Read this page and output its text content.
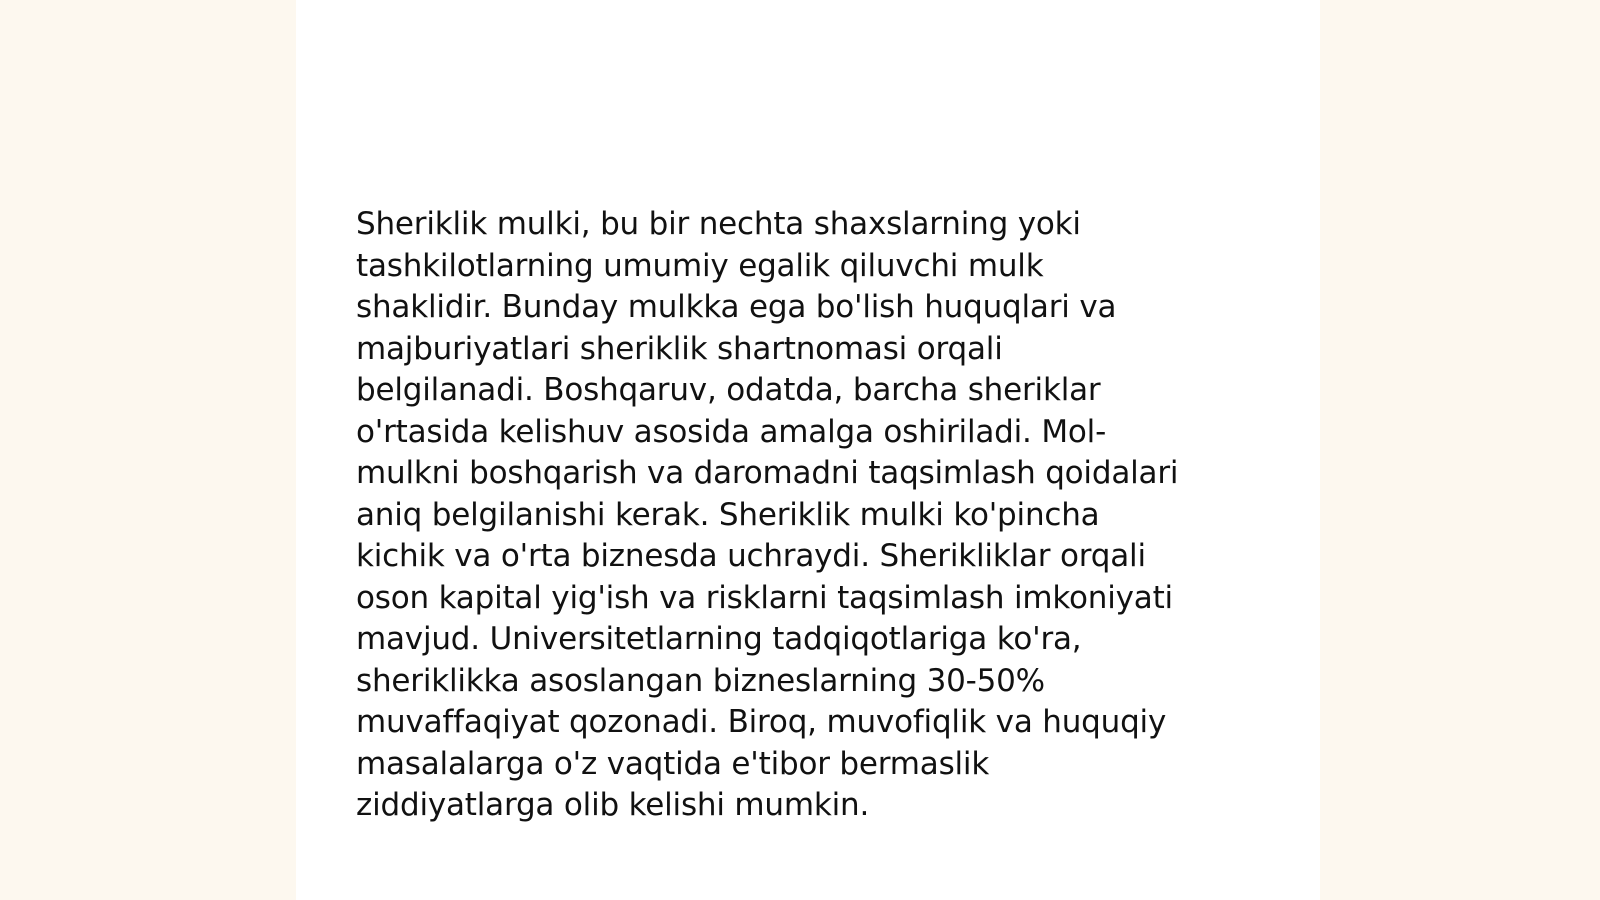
Sheriklik mulki, bu bir nechta shaxslarning yoki
tashkilotlarning umumiy egalik qiluvchi mulk
shaklidir. Bunday mulkka ega bo'lish huquqlari va
majburiyatlari sheriklik shartnomasi orqali
belgilanadi. Boshqaruv, odatda, barcha sheriklar
o'rtasida kelishuv asosida amalga oshiriladi. Mol-
mulkni boshqarish va daromadni taqsimlash qoidalari
aniq belgilanishi kerak. Sheriklik mulki ko'pincha
kichik va o'rta biznesda uchraydi. Sherikliklar orqali
oson kapital yig'ish va risklarni taqsimlash imkoniyati
mavjud. Universitetlarning tadqiqotlariga ko'ra,
sheriklikka asoslangan bizneslarning 30-50%
muvaffaqiyat qozonadi. Biroq, muvofiqlik va huquqiy
masalalarga o'z vaqtida e'tibor bermaslik
ziddiyatlarga olib kelishi mumkin.
